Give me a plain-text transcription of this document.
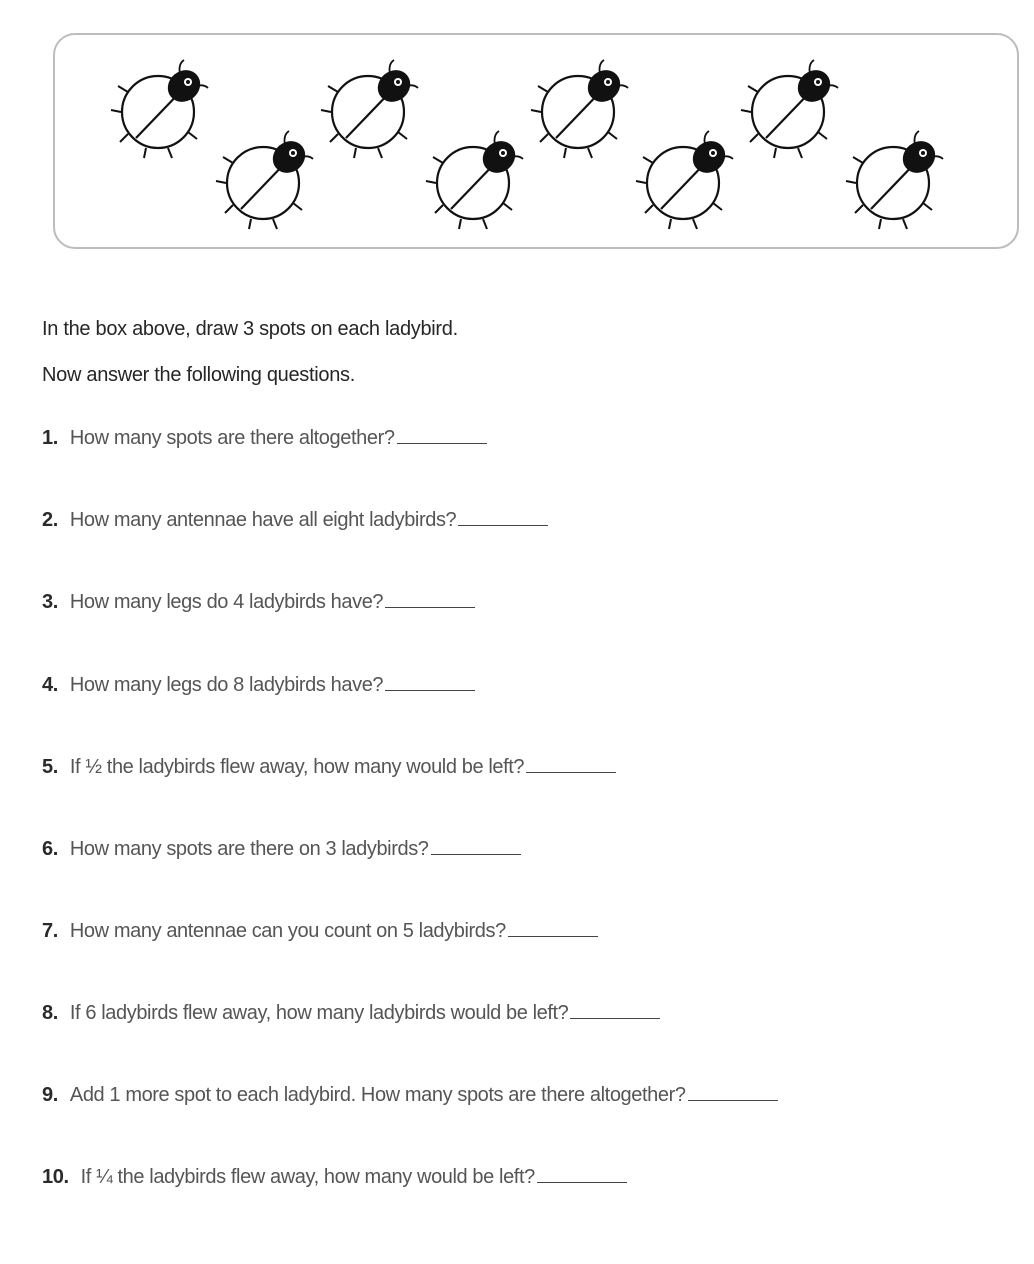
In the box above, draw 3 spots on each ladybird.
Now answer the following questions.
1. How many spots are there altogether?
2. How many antennae have all eight ladybirds?
3. How many legs do 4 ladybirds have?
4. How many legs do 8 ladybirds have?
5. If ½ the ladybirds flew away, how many would be left?
6. How many spots are there on 3 ladybirds?
7. How many antennae can you count on 5 ladybirds?
8. If 6 ladybirds flew away, how many ladybirds would be left?
9. Add 1 more spot to each ladybird. How many spots are there altogether?
10. If ¼ the ladybirds flew away, how many would be left?
